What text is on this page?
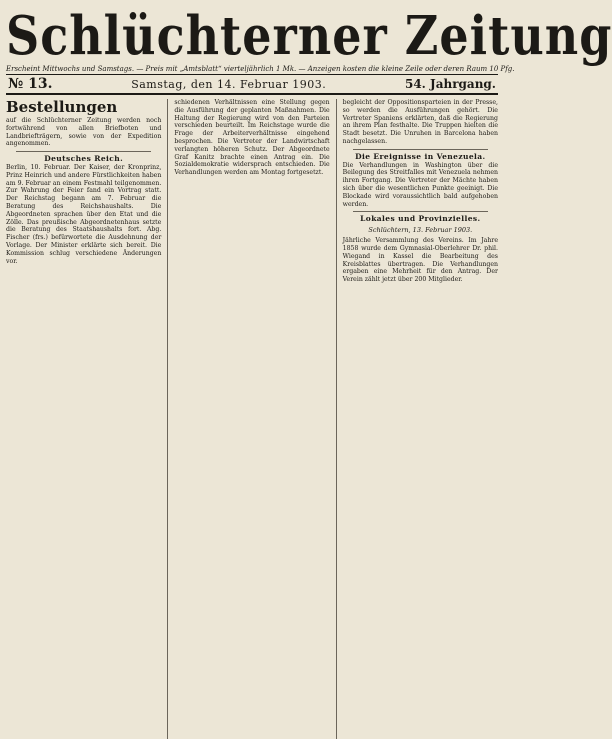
Schlüchterner Zeitung
Erscheint Mittwochs und Samstags. — Preis mit „Amtsblatt“ vierteljährlich 1 Mk. — Anzeigen kosten die kleine Zeile oder deren Raum 10 Pfg.
№ 13.	Samstag, den 14. Februar 1903.	54. Jahrgang.
Bestellungen
auf die Schlüchterner Zeitung werden noch fortwährend von allen Briefboten und Landbriefträgern, sowie von der Expedition angenommen.
Deutsches Reich.
Berlin, 10. Februar. Der Kaiser, der Kronprinz, Prinz Heinrich und andere Fürstlichkeiten haben am 9. Februar an einem Festmahl teilgenommen. Zur Wahrung der Feier fand ein Vortrag statt. Der Reichstag begann am 7. Februar die Beratung des Reichshaushalts. Die Abgeordneten sprachen über den Etat und die Zölle. Das preußische Abgeordnetenhaus setzte die Beratung des Staatshaushalts fort. Abg. Fischer (frs.) befürwortete die Ausdehnung der Vorlage. Der Minister erklärte sich bereit. Die Kommission schlug verschiedene Änderungen vor.
schiedenen Verhältnissen eine Stellung gegen die Ausführung der geplanten Maßnahmen. Die Haltung der Regierung wird von den Parteien verschieden beurteilt. Im Reichstage wurde die Frage der Arbeiterverhältnisse eingehend besprochen. Die Vertreter der Landwirtschaft verlangten höheren Schutz. Der Abgeordnete Graf Kanitz brachte einen Antrag ein. Die Sozialdemokratie widersprach entschieden. Die Verhandlungen werden am Montag fortgesetzt.
begleicht der Oppositionsparteien in der Presse, so werden die Ausführungen gehört. Die Vertreter Spaniens erklärten, daß die Regierung an ihrem Plan festhalte. Die Truppen hielten die Stadt besetzt. Die Unruhen in Barcelona haben nachgelassen.
Die Ereignisse in Venezuela.
Die Verhandlungen in Washington über die Beilegung des Streitfalles mit Venezuela nehmen ihren Fortgang. Die Vertreter der Mächte haben sich über die wesentlichen Punkte geeinigt. Die Blockade wird voraussichtlich bald aufgehoben werden.
Lokales und Provinzielles.
Schlüchtern, 13. Februar 1903.
Jährliche Versammlung des Vereins. Im Jahre 1858 wurde dem Gymnasial-Oberlehrer Dr. phil. Wiegand in Kassel die Bearbeitung des Kreisblattes übertragen. Die Verhandlungen ergaben eine Mehrheit für den Antrag. Der Verein zählt jetzt über 200 Mitglieder.
